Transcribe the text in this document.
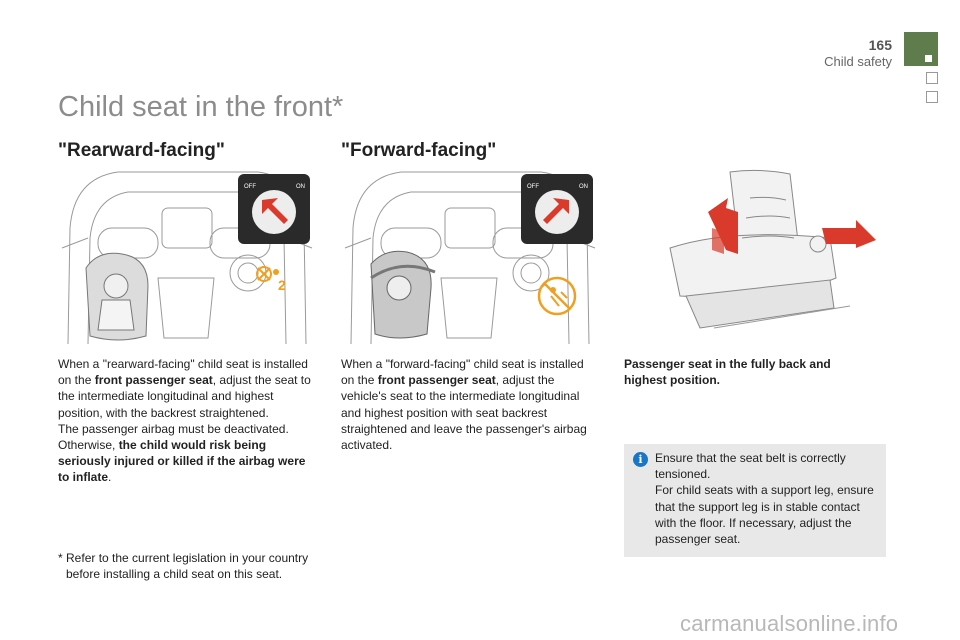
165
Child safety
Child seat in the front*
"Rearward-facing"	"Forward-facing"
OFF	ON
2
OFF	ON
When a "rearward-facing" child seat is installed on the front passenger seat, adjust the seat to the intermediate longitudinal and highest position, with the backrest straightened.
The passenger airbag must be deactivated.
Otherwise, the child would risk being seriously injured or killed if the airbag were to inflate.
When a "forward-facing" child seat is installed on the front passenger seat, adjust the vehicle's seat to the intermediate longitudinal and highest position with seat backrest straightened and leave the passenger's airbag activated.
Passenger seat in the fully back and highest position.
i	Ensure that the seat belt is correctly tensioned.
For child seats with a support leg, ensure that the support leg is in stable contact with the floor. If necessary, adjust the passenger seat.
* Refer to the current legislation in your country
before installing a child seat on this seat.
carmanualsonline.info
